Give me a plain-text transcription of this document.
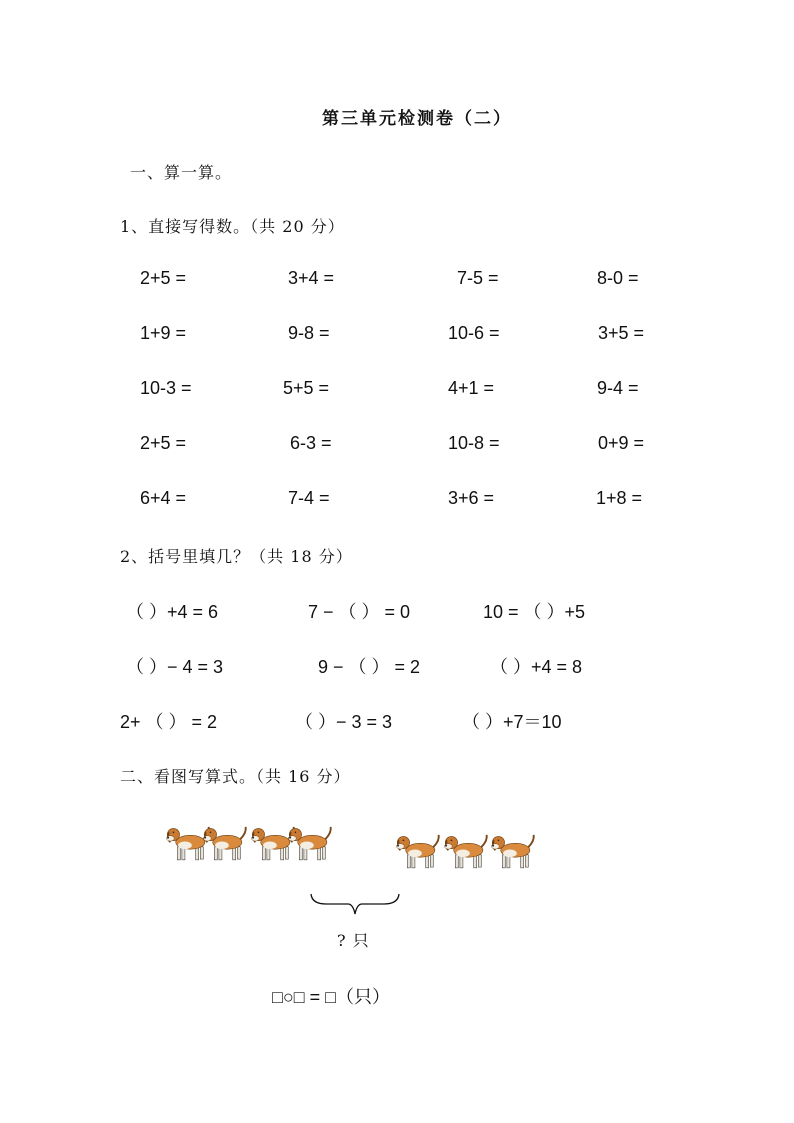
第三单元检测卷（二）
一、算一算。
1、直接写得数。（共 20 分）
2+5 =	3+4 =	7-5 =	8-0 =
1+9 =	9-8 =	10-6 =	3+5 =
10-3 =	5+5 =	4+1 =	9-4 =
2+5 =	6-3 =	10-8 =	0+9 =
6+4 =	7-4 =	3+6 =	1+8 =
2、括号里填几？（共 18 分）
（ ）+4 = 6	7 − （ ） = 0	10 = （ ）+5
（ ）− 4 = 3	9 − （ ） = 2	（ ）+4 = 8
2+ （ ） = 2	（ ）− 3 = 3	（ ）+7＝10
二、看图写算式。（共 16 分）
? 只
□○□ = □（只）
